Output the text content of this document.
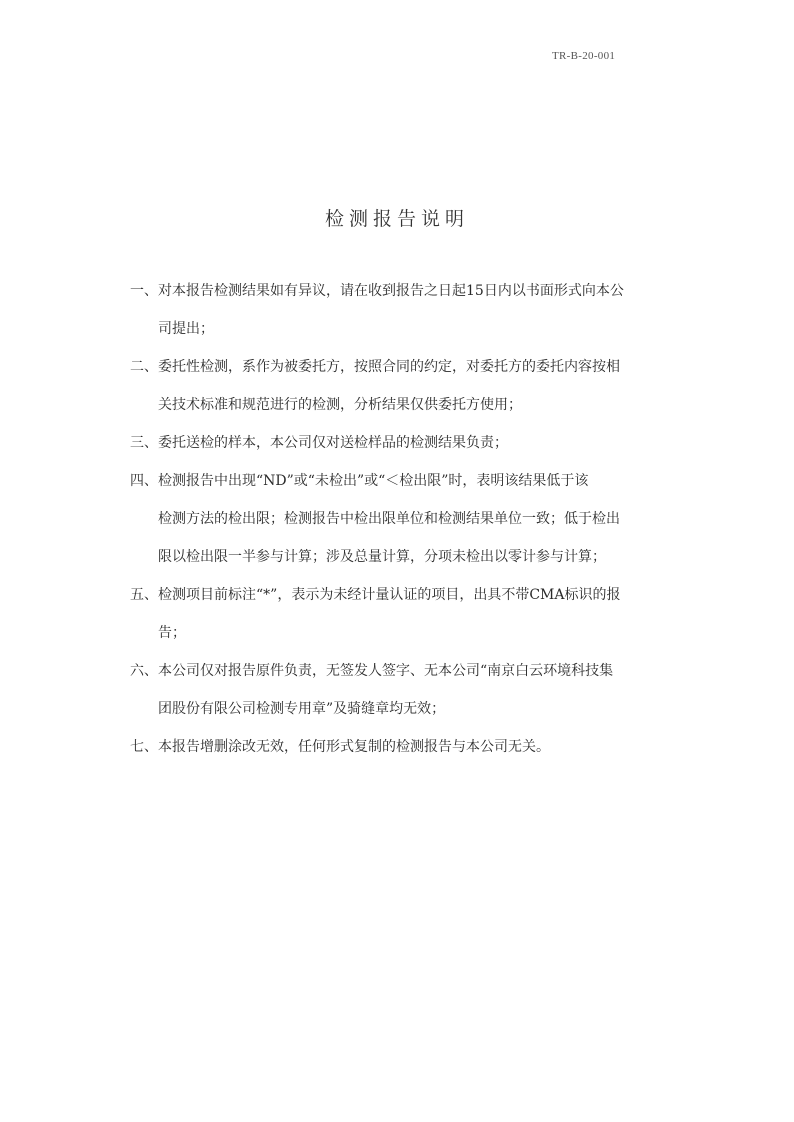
TR-B-20-001
检测报告说明
一、 对本报告检测结果如有异议，请在收到报告之日起15日内以书面形式向本公
司提出；

二、 委托性检测，系作为被委托方，按照合同的约定，对委托方的委托内容按相
关技术标准和规范进行的检测，分析结果仅供委托方使用；

三、 委托送检的样本，本公司仅对送检样品的检测结果负责；

四、 检测报告中出现“ND”或“未检出”或“＜检出限”时，表明该结果低于该
检测方法的检出限；检测报告中检出限单位和检测结果单位一致；低于检出
限以检出限一半参与计算；涉及总量计算，分项未检出以零计参与计算；

五、 检测项目前标注“*”，表示为未经计量认证的项目，出具不带CMA标识的报
告；

六、 本公司仅对报告原件负责，无签发人签字、无本公司“南京白云环境科技集
团股份有限公司检测专用章”及骑缝章均无效；

七、 本报告增删涂改无效，任何形式复制的检测报告与本公司无关。
